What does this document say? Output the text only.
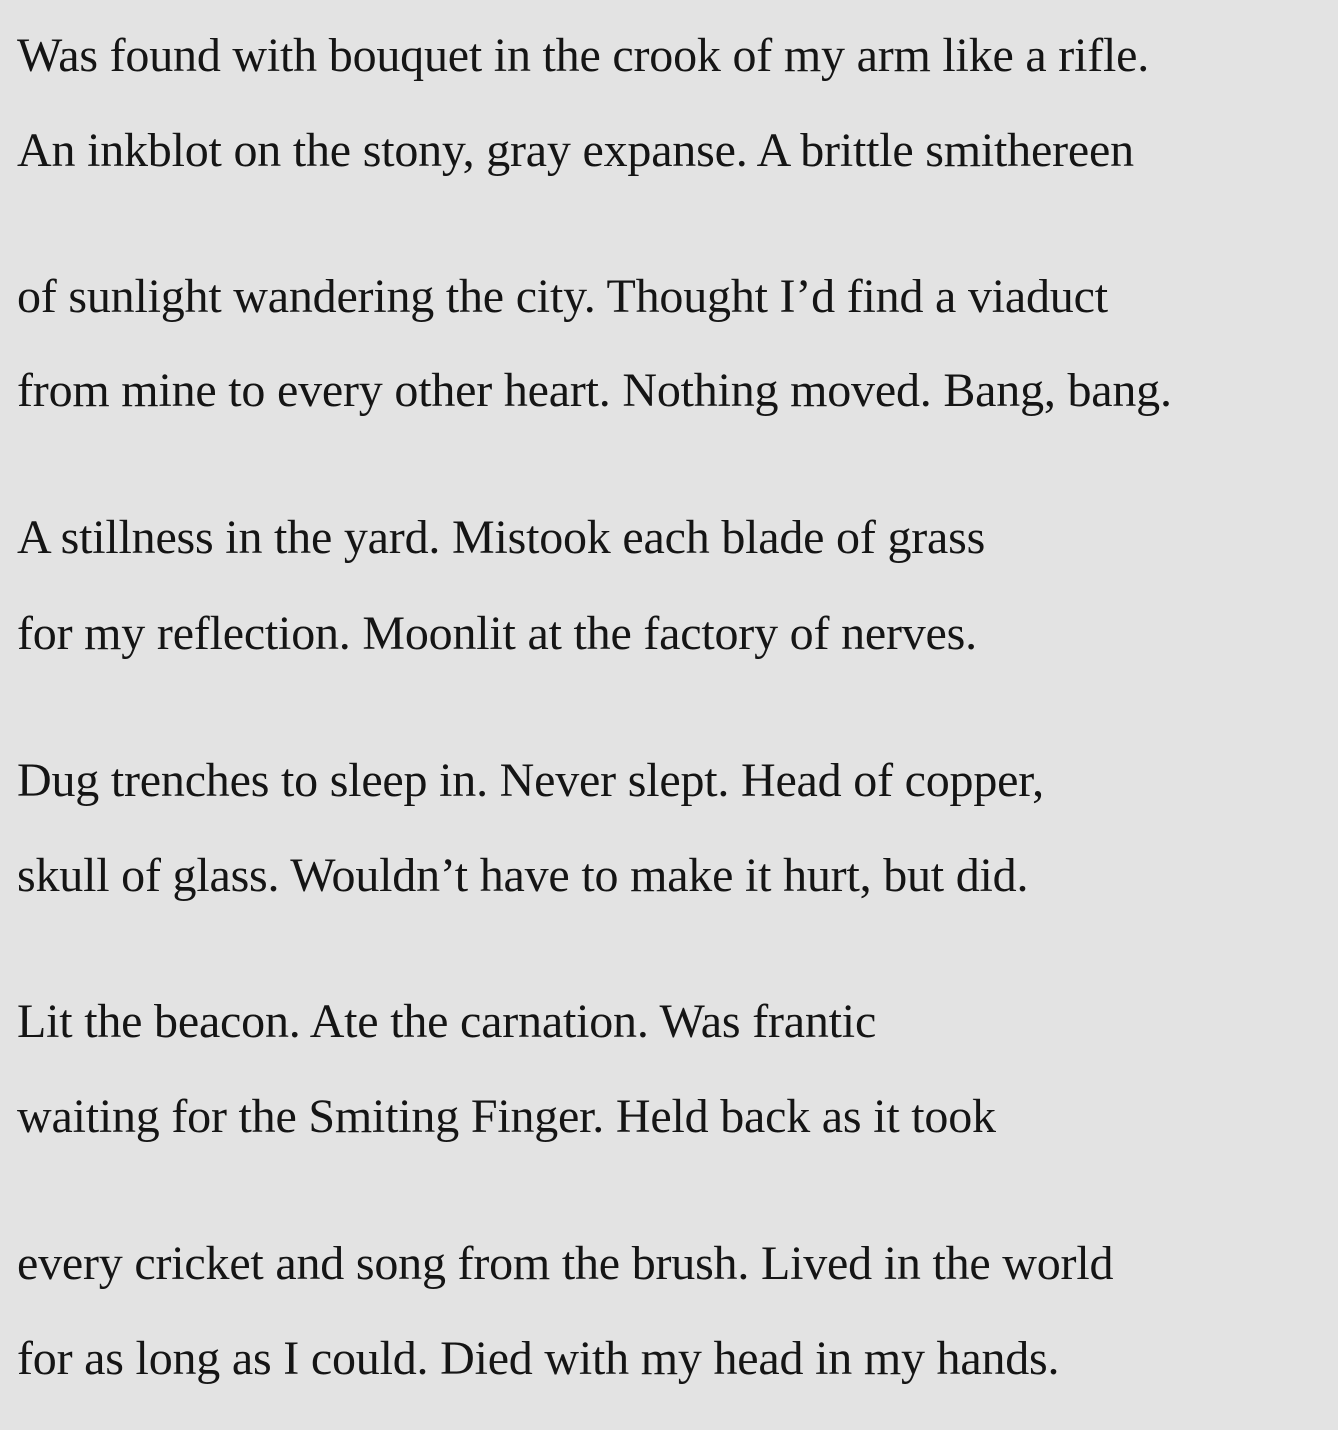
Was found with bouquet in the crook of my arm like a rifle.
An inkblot on the stony, gray expanse. A brittle smithereen
of sunlight wandering the city. Thought I’d find a viaduct
from mine to every other heart. Nothing moved. Bang, bang.
A stillness in the yard. Mistook each blade of grass
for my reflection. Moonlit at the factory of nerves.
Dug trenches to sleep in. Never slept. Head of copper,
skull of glass. Wouldn’t have to make it hurt, but did.
Lit the beacon. Ate the carnation. Was frantic
waiting for the Smiting Finger. Held back as it took
every cricket and song from the brush. Lived in the world
for as long as I could. Died with my head in my hands.
